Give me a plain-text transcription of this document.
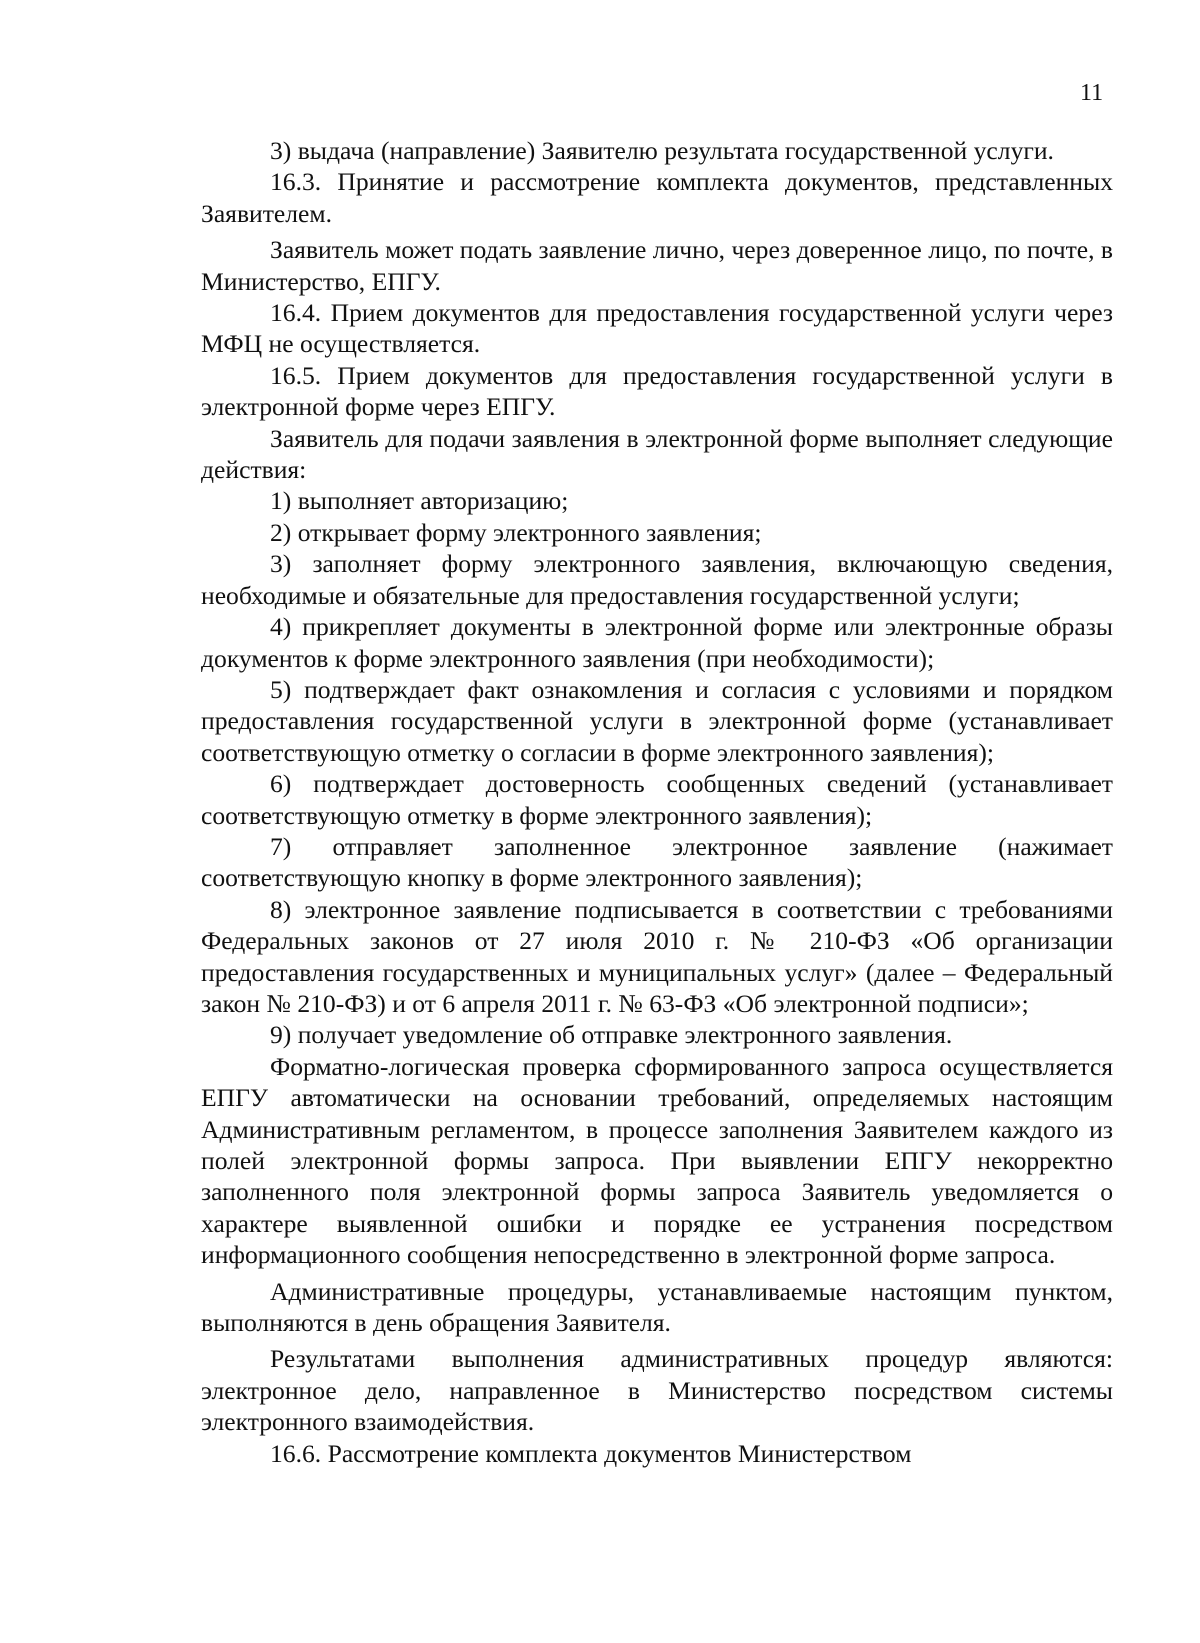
11

3) выдача (направление) Заявителю результата государственной услуги.

16.3. Принятие и рассмотрение комплекта документов, представленных Заявителем.

Заявитель может подать заявление лично, через доверенное лицо, по почте, в Министерство, ЕПГУ.

16.4. Прием документов для предоставления государственной услуги через МФЦ не осуществляется.

16.5. Прием документов для предоставления государственной услуги в электронной форме через ЕПГУ.

Заявитель для подачи заявления в электронной форме выполняет следующие действия:

1) выполняет авторизацию;

2) открывает форму электронного заявления;

3) заполняет форму электронного заявления, включающую сведения, необходимые и обязательные для предоставления государственной услуги;

4) прикрепляет документы в электронной форме или электронные образы документов к форме электронного заявления (при необходимости);

5) подтверждает факт ознакомления и согласия с условиями и порядком предоставления государственной услуги в электронной форме (устанавливает соответствующую отметку о согласии в форме электронного заявления);

6) подтверждает достоверность сообщенных сведений (устанавливает соответствующую отметку в форме электронного заявления);

7) отправляет заполненное электронное заявление (нажимает соответствующую кнопку в форме электронного заявления);

8) электронное заявление подписывается в соответствии с требованиями Федеральных законов от 27 июля 2010 г. № 210-ФЗ «Об организации предоставления государственных и муниципальных услуг» (далее – Федеральный закон № 210-ФЗ) и от 6 апреля 2011 г. № 63-ФЗ «Об электронной подписи»;

9) получает уведомление об отправке электронного заявления.

Форматно-логическая проверка сформированного запроса осуществляется ЕПГУ автоматически на основании требований, определяемых настоящим Административным регламентом, в процессе заполнения Заявителем каждого из полей электронной формы запроса. При выявлении ЕПГУ некорректно заполненного поля электронной формы запроса Заявитель уведомляется о характере выявленной ошибки и порядке ее устранения посредством информационного сообщения непосредственно в электронной форме запроса.

Административные процедуры, устанавливаемые настоящим пунктом, выполняются в день обращения Заявителя.

Результатами выполнения административных процедур являются: электронное дело, направленное в Министерство посредством системы электронного взаимодействия.

16.6. Рассмотрение комплекта документов Министерством
